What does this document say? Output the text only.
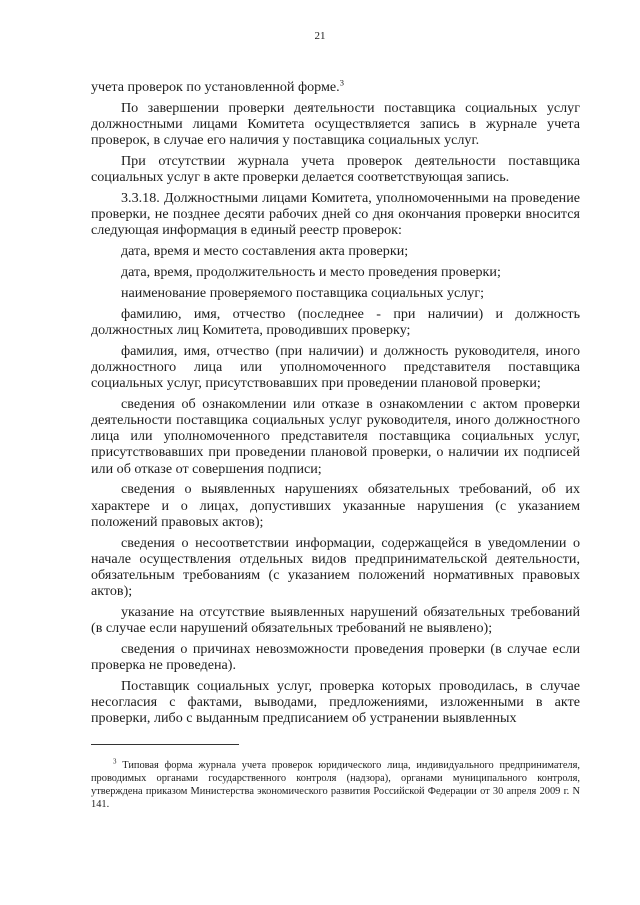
21

учета проверок по установленной форме.$^3$

По завершении проверки деятельности поставщика социальных услуг должностными лицами Комитета осуществляется запись в журнале учета проверок, в случае его наличия у поставщика социальных услуг.

При отсутствии журнала учета проверок деятельности поставщика социальных услуг в акте проверки делается соответствующая запись.

3.3.18. Должностными лицами Комитета, уполномоченными на проведение проверки, не позднее десяти рабочих дней со дня окончания проверки вносится следующая информация в единый реестр проверок:

дата, время и место составления акта проверки;

дата, время, продолжительность и место проведения проверки;

наименование проверяемого поставщика социальных услуг;

фамилию, имя, отчество (последнее - при наличии) и должность должностных лиц Комитета, проводивших проверку;

фамилия, имя, отчество (при наличии) и должность руководителя, иного должностного лица или уполномоченного представителя поставщика социальных услуг, присутствовавших при проведении плановой проверки;

сведения об ознакомлении или отказе в ознакомлении с актом проверки деятельности поставщика социальных услуг руководителя, иного должностного лица или уполномоченного представителя поставщика социальных услуг, присутствовавших при проведении плановой проверки, о наличии их подписей или об отказе от совершения подписи;

сведения о выявленных нарушениях обязательных требований, об их характере и о лицах, допустивших указанные нарушения (с указанием положений правовых актов);

сведения о несоответствии информации, содержащейся в уведомлении о начале осуществления отдельных видов предпринимательской деятельности, обязательным требованиям (с указанием положений нормативных правовых актов);

указание на отсутствие выявленных нарушений обязательных требований (в случае если нарушений обязательных требований не выявлено);

сведения о причинах невозможности проведения проверки (в случае если проверка не проведена).

Поставщик социальных услуг, проверка которых проводилась, в случае несогласия с фактами, выводами, предложениями, изложенными в акте проверки, либо с выданным предписанием об устранении выявленных

$^3$ Типовая форма журнала учета проверок юридического лица, индивидуального предпринимателя, проводимых органами государственного контроля (надзора), органами муниципального контроля, утверждена приказом Министерства экономического развития Российской Федерации от 30 апреля 2009 г. N 141.
